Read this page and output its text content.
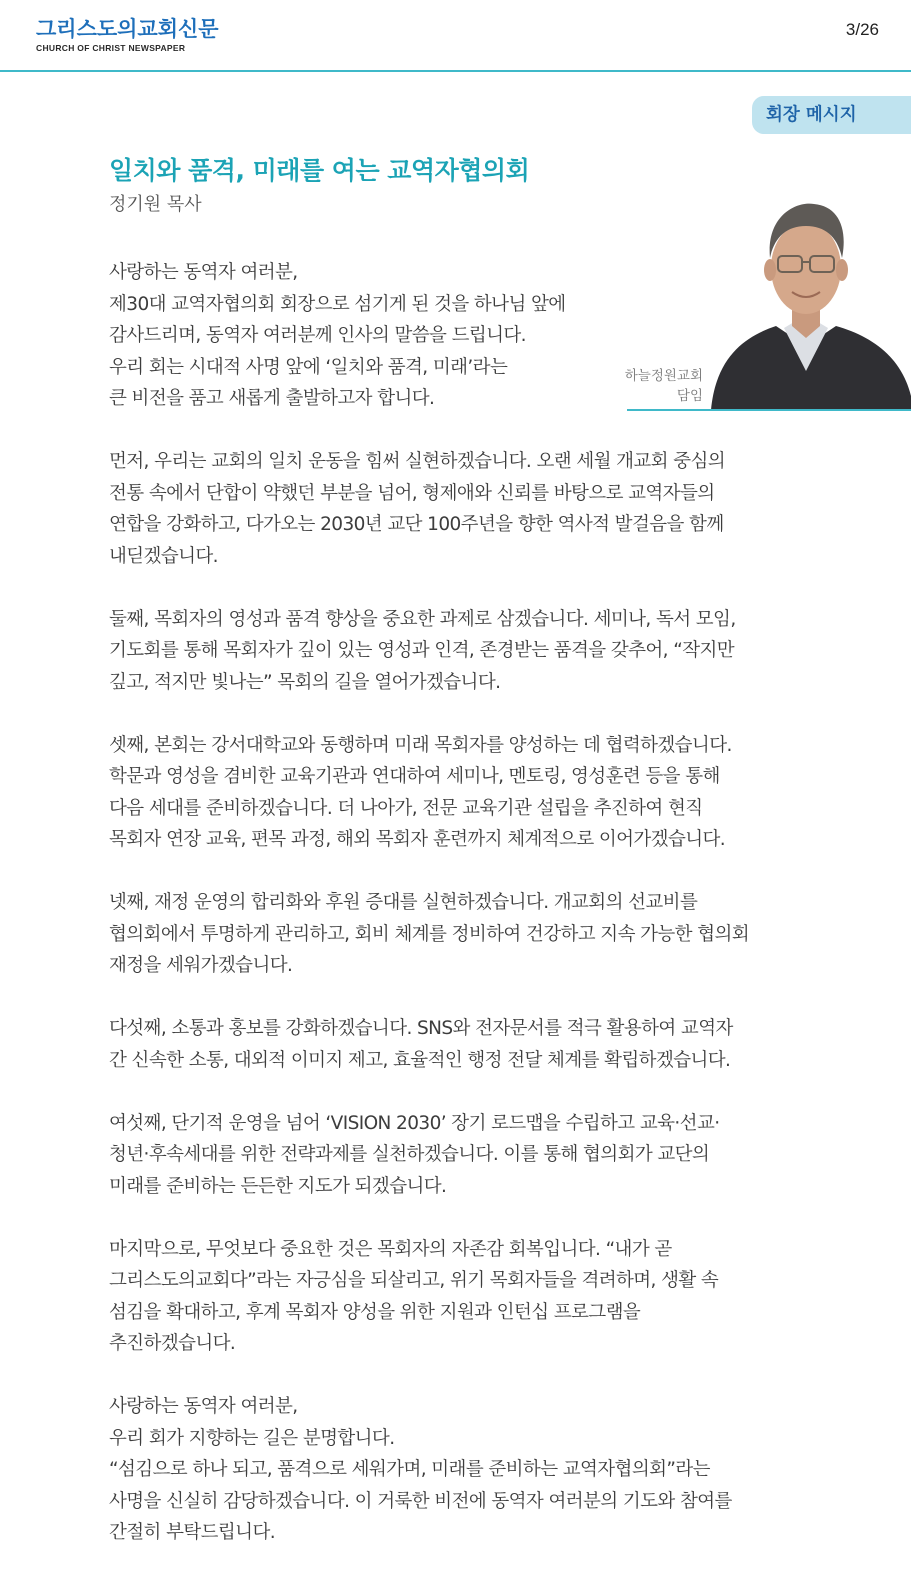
그리스도의교회신문
CHURCH OF CHRIST NEWSPAPER
3/26
회장 메시지
일치와 품격, 미래를 여는 교역자협의회
정기원 목사
하늘정원교회
담임

사랑하는 동역자 여러분,
제30대 교역자협의회 회장으로 섬기게 된 것을 하나님 앞에
감사드리며, 동역자 여러분께 인사의 말씀을 드립니다.
우리 회는 시대적 사명 앞에 ‘일치와 품격, 미래’라는
큰 비전을 품고 새롭게 출발하고자 합니다.

먼저, 우리는 교회의 일치 운동을 힘써 실현하겠습니다. 오랜 세월 개교회 중심의
전통 속에서 단합이 약했던 부분을 넘어, 형제애와 신뢰를 바탕으로 교역자들의
연합을 강화하고, 다가오는 2030년 교단 100주년을 향한 역사적 발걸음을 함께
내딛겠습니다.

둘째, 목회자의 영성과 품격 향상을 중요한 과제로 삼겠습니다. 세미나, 독서 모임,
기도회를 통해 목회자가 깊이 있는 영성과 인격, 존경받는 품격을 갖추어, “작지만
깊고, 적지만 빛나는” 목회의 길을 열어가겠습니다.

셋째, 본회는 강서대학교와 동행하며 미래 목회자를 양성하는 데 협력하겠습니다.
학문과 영성을 겸비한 교육기관과 연대하여 세미나, 멘토링, 영성훈련 등을 통해
다음 세대를 준비하겠습니다. 더 나아가, 전문 교육기관 설립을 추진하여 현직
목회자 연장 교육, 편목 과정, 해외 목회자 훈련까지 체계적으로 이어가겠습니다.

넷째, 재정 운영의 합리화와 후원 증대를 실현하겠습니다. 개교회의 선교비를
협의회에서 투명하게 관리하고, 회비 체계를 정비하여 건강하고 지속 가능한 협의회
재정을 세워가겠습니다.

다섯째, 소통과 홍보를 강화하겠습니다. SNS와 전자문서를 적극 활용하여 교역자
간 신속한 소통, 대외적 이미지 제고, 효율적인 행정 전달 체계를 확립하겠습니다.

여섯째, 단기적 운영을 넘어 ‘VISION 2030’ 장기 로드맵을 수립하고 교육·선교·
청년·후속세대를 위한 전략과제를 실천하겠습니다. 이를 통해 협의회가 교단의
미래를 준비하는 든든한 지도가 되겠습니다.

마지막으로, 무엇보다 중요한 것은 목회자의 자존감 회복입니다. “내가 곧
그리스도의교회다”라는 자긍심을 되살리고, 위기 목회자들을 격려하며, 생활 속
섬김을 확대하고, 후계 목회자 양성을 위한 지원과 인턴십 프로그램을
추진하겠습니다.

사랑하는 동역자 여러분,
우리 회가 지향하는 길은 분명합니다.
“섬김으로 하나 되고, 품격으로 세워가며, 미래를 준비하는 교역자협의회”라는
사명을 신실히 감당하겠습니다. 이 거룩한 비전에 동역자 여러분의 기도와 참여를
간절히 부탁드립니다.
